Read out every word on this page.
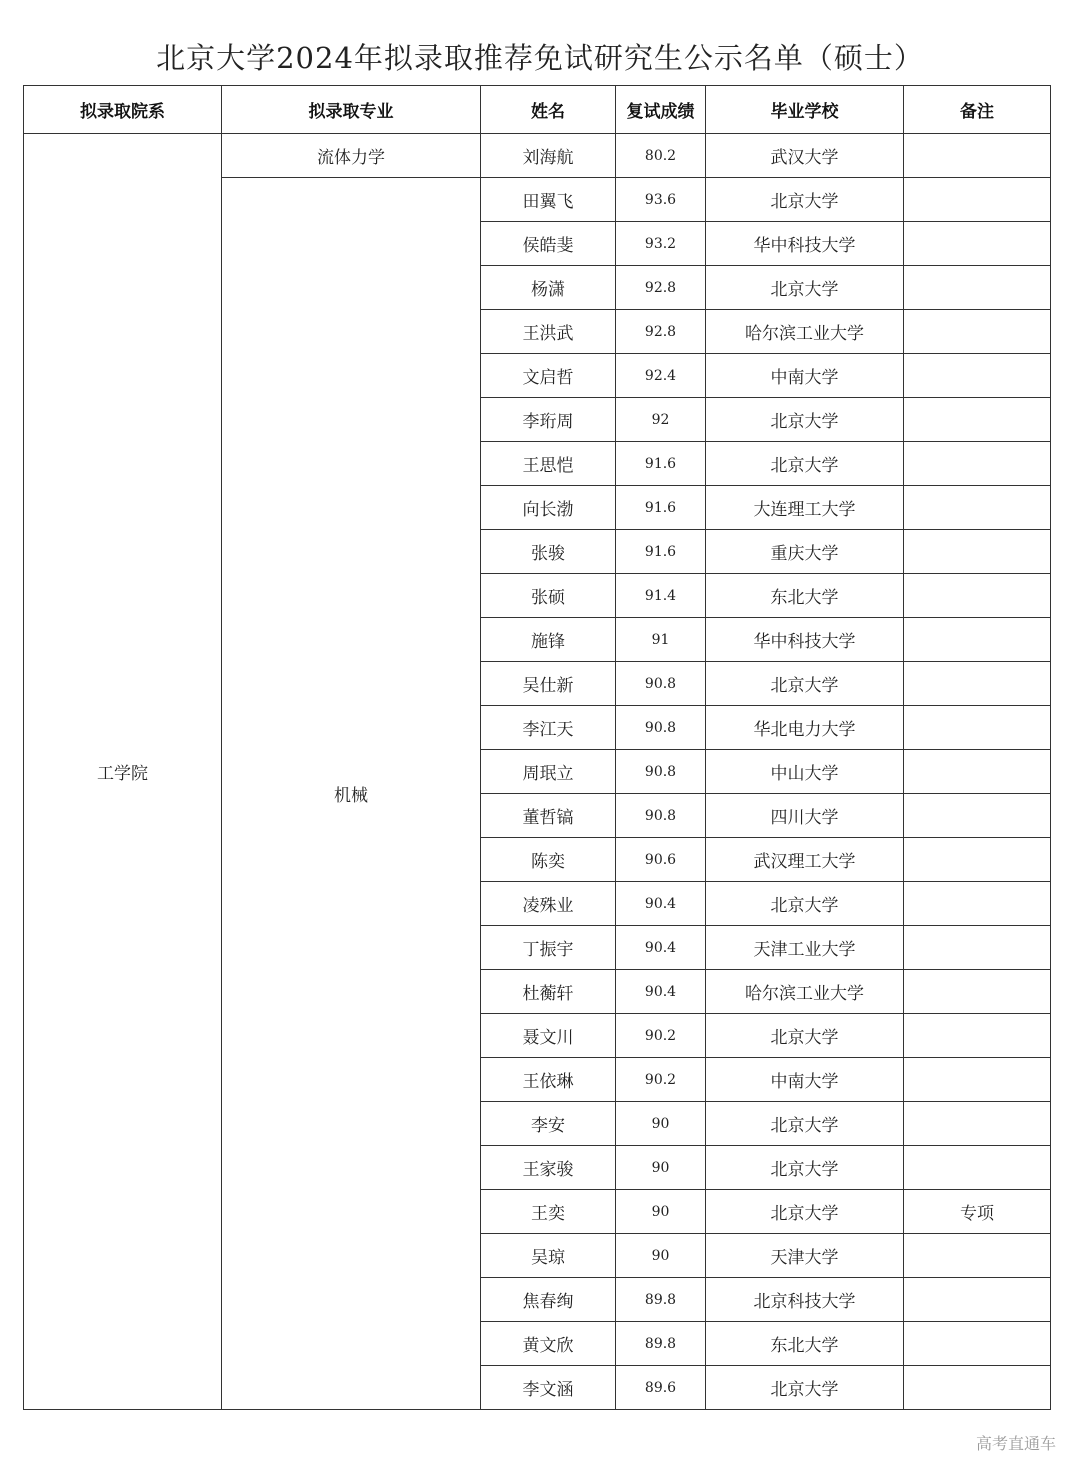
北京大学2024年拟录取推荐免试研究生公示名单（硕士）
拟录取院系	拟录取专业	姓名	复试成绩	毕业学校	备注
工学院	流体力学	刘海航	80.2	武汉大学	
	机械	田翼飞	93.6	北京大学	
		侯皓斐	93.2	华中科技大学	
		杨潇	92.8	北京大学	
		王洪武	92.8	哈尔滨工业大学	
		文启哲	92.4	中南大学	
		李珩周	92	北京大学	
		王思恺	91.6	北京大学	
		向长渤	91.6	大连理工大学	
		张骏	91.6	重庆大学	
		张硕	91.4	东北大学	
		施锋	91	华中科技大学	
		吴仕新	90.8	北京大学	
		李江天	90.8	华北电力大学	
		周珉立	90.8	中山大学	
		董哲镐	90.8	四川大学	
		陈奕	90.6	武汉理工大学	
		凌殊业	90.4	北京大学	
		丁振宇	90.4	天津工业大学	
		杜蘅轩	90.4	哈尔滨工业大学	
		聂文川	90.2	北京大学	
		王依琳	90.2	中南大学	
		李安	90	北京大学	
		王家骏	90	北京大学	
		王奕	90	北京大学	专项
		吴琼	90	天津大学	
		焦春绚	89.8	北京科技大学	
		黄文欣	89.8	东北大学	
		李文涵	89.6	北京大学	
高考直通车
